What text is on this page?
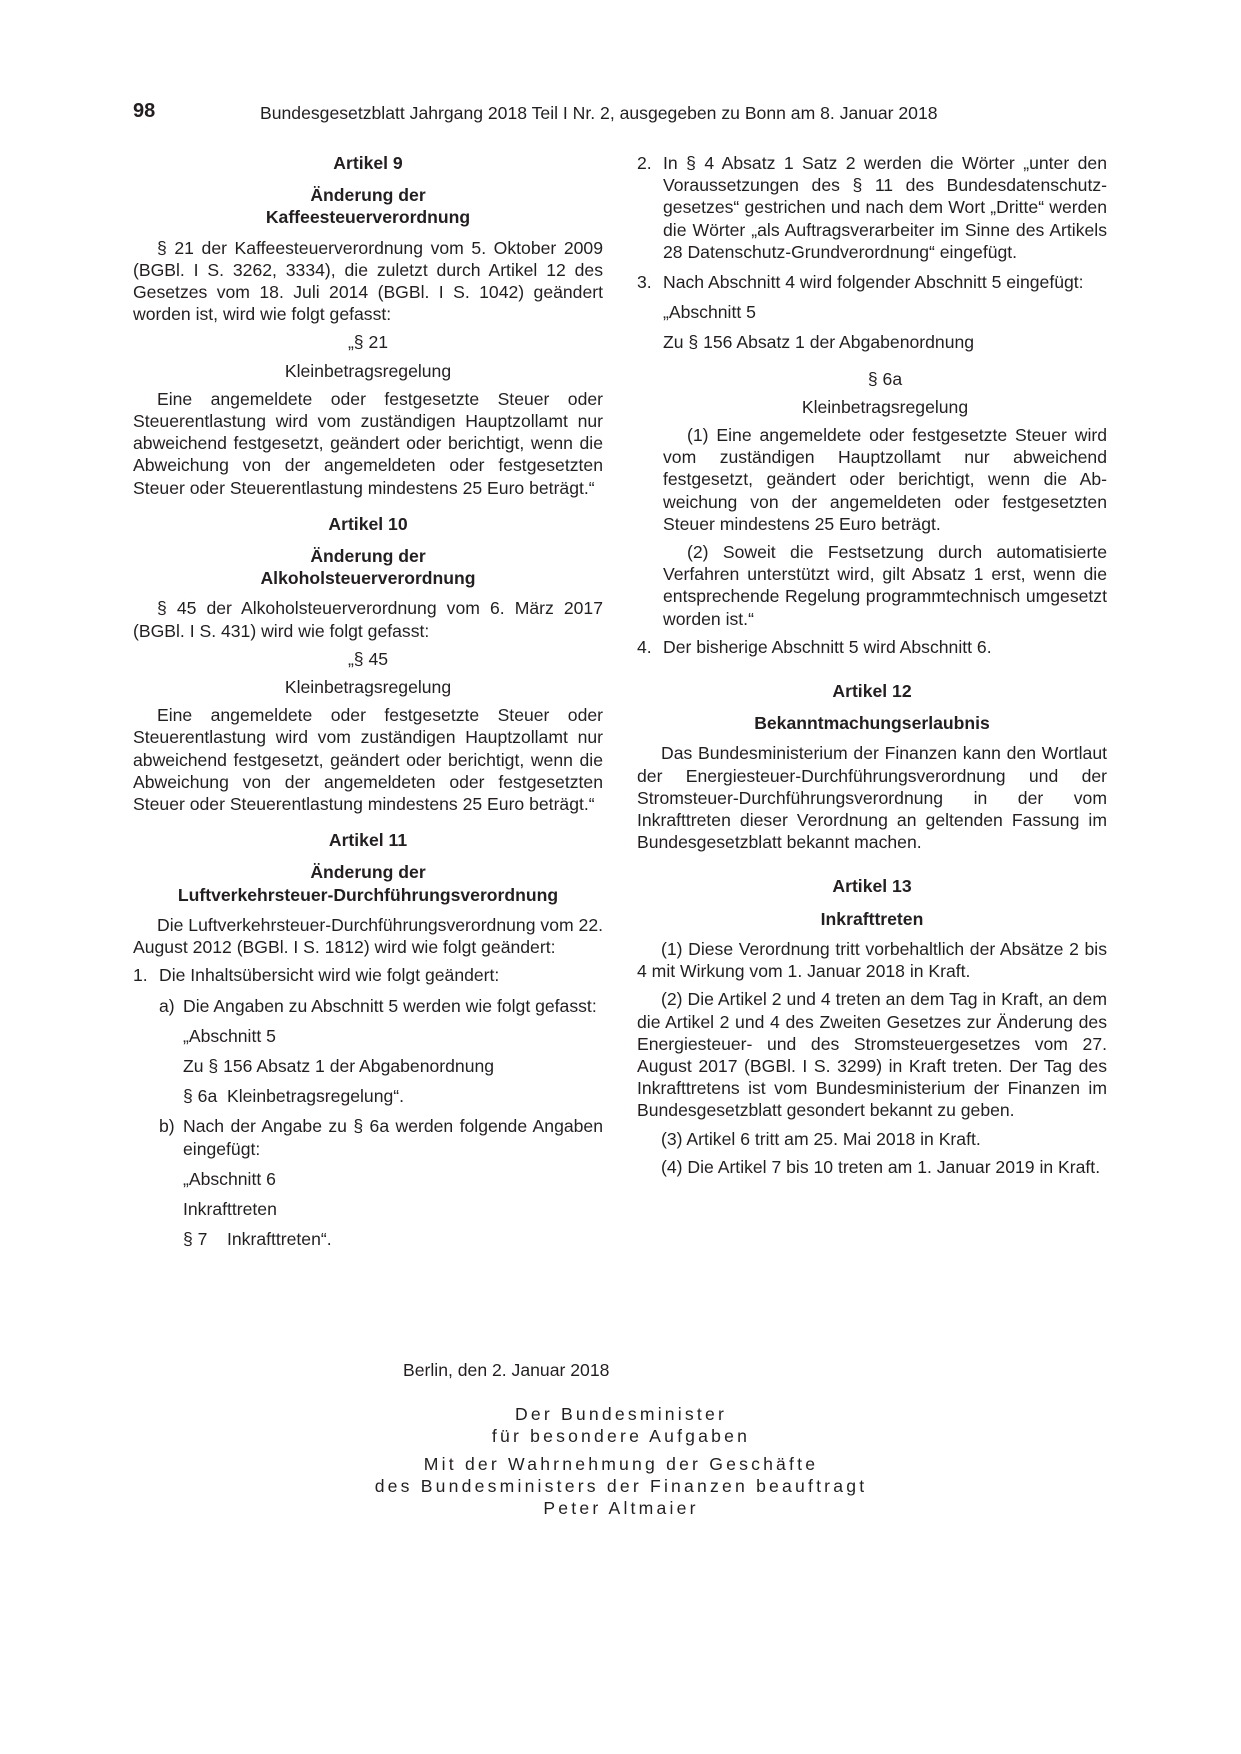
98	Bundesgesetzblatt Jahrgang 2018 Teil I Nr. 2, ausgegeben zu Bonn am 8. Januar 2018
Artikel 9
Änderung der
Kaffeesteuerverordnung

§ 21 der Kaffeesteuerverordnung vom 5. Oktober 2009 (BGBl. I S. 3262, 3334), die zuletzt durch Artikel 12 des Gesetzes vom 18. Juli 2014 (BGBl. I S. 1042) geändert worden ist, wird wie folgt gefasst:

„§ 21
Kleinbetragsregelung

Eine angemeldete oder festgesetzte Steuer oder Steuerentlastung wird vom zuständigen Hauptzollamt nur abweichend festgesetzt, geändert oder berichtigt, wenn die Abweichung von der angemeldeten oder festgesetzten Steuer oder Steuerentlastung mindestens 25 Euro beträgt.“

Artikel 10
Änderung der
Alkoholsteuerverordnung

§ 45 der Alkoholsteuerverordnung vom 6. März 2017 (BGBl. I S. 431) wird wie folgt gefasst:

„§ 45
Kleinbetragsregelung

Eine angemeldete oder festgesetzte Steuer oder Steuerentlastung wird vom zuständigen Hauptzollamt nur abweichend festgesetzt, geändert oder berichtigt, wenn die Abweichung von der angemeldeten oder festgesetzten Steuer oder Steuerentlastung mindestens 25 Euro beträgt.“

Artikel 11
Änderung der
Luftverkehrsteuer-Durchführungsverordnung

Die Luftverkehrsteuer-Durchführungsverordnung vom 22. August 2012 (BGBl. I S. 1812) wird wie folgt geändert:

1. Die Inhaltsübersicht wird wie folgt geändert:
a) Die Angaben zu Abschnitt 5 werden wie folgt gefasst:
„Abschnitt 5
Zu § 156 Absatz 1 der Abgabenordnung
§ 6a Kleinbetragsregelung“.
b) Nach der Angabe zu § 6a werden folgende Angaben eingefügt:
„Abschnitt 6
Inkrafttreten
§ 7 Inkrafttreten“.
2. In § 4 Absatz 1 Satz 2 werden die Wörter „unter den Voraussetzungen des § 11 des Bundesdatenschutzgesetzes“ gestrichen und nach dem Wort „Dritte“ werden die Wörter „als Auftragsverarbeiter im Sinne des Artikels 28 Datenschutz-Grundverordnung“ eingefügt.
3. Nach Abschnitt 4 wird folgender Abschnitt 5 eingefügt:
„Abschnitt 5
Zu § 156 Absatz 1 der Abgabenordnung
§ 6a
Kleinbetragsregelung

(1) Eine angemeldete oder festgesetzte Steuer wird vom zuständigen Hauptzollamt nur abweichend festgesetzt, geändert oder berichtigt, wenn die Abweichung von der angemeldeten oder festgesetzten Steuer mindestens 25 Euro beträgt.

(2) Soweit die Festsetzung durch automatisierte Verfahren unterstützt wird, gilt Absatz 1 erst, wenn die entsprechende Regelung programmtechnisch umgesetzt worden ist.“

4. Der bisherige Abschnitt 5 wird Abschnitt 6.
Artikel 12
Bekanntmachungserlaubnis

Das Bundesministerium der Finanzen kann den Wortlaut der Energiesteuer-Durchführungsverordnung und der Stromsteuer-Durchführungsverordnung in der vom Inkrafttreten dieser Verordnung an geltenden Fassung im Bundesgesetzblatt bekannt machen.

Artikel 13
Inkrafttreten

(1) Diese Verordnung tritt vorbehaltlich der Absätze 2 bis 4 mit Wirkung vom 1. Januar 2018 in Kraft.

(2) Die Artikel 2 und 4 treten an dem Tag in Kraft, an dem die Artikel 2 und 4 des Zweiten Gesetzes zur Änderung des Energiesteuer- und des Stromsteuergesetzes vom 27. August 2017 (BGBl. I S. 3299) in Kraft treten. Der Tag des Inkrafttretens ist vom Bundesministerium der Finanzen im Bundesgesetzblatt gesondert bekannt zu geben.

(3) Artikel 6 tritt am 25. Mai 2018 in Kraft.

(4) Die Artikel 7 bis 10 treten am 1. Januar 2019 in Kraft.

Berlin, den 2. Januar 2018
Der Bundesminister
für besondere Aufgaben
Mit der Wahrnehmung der Geschäfte
des Bundesministers der Finanzen beauftragt
Peter Altmaier
